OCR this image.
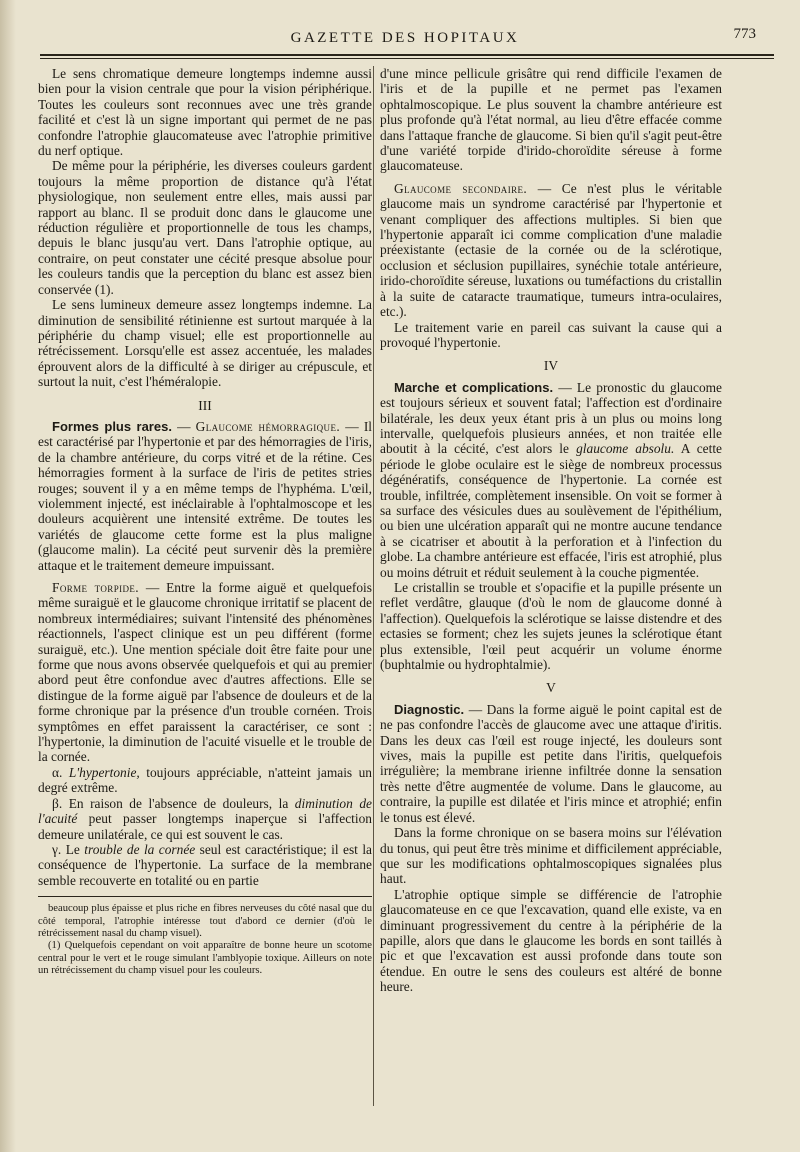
GAZETTE DES HOPITAUX	773

Le sens chromatique demeure longtemps indemne aussi bien pour la vision centrale que pour la vision périphérique. Toutes les couleurs sont reconnues avec une très grande facilité et c'est là un signe important qui permet de ne pas confondre l'atrophie glaucomateuse avec l'atrophie primitive du nerf optique.

De même pour la périphérie, les diverses couleurs gardent toujours la même proportion de distance qu'à l'état physiologique, non seulement entre elles, mais aussi par rapport au blanc. Il se produit donc dans le glaucome une réduction régulière et proportionnelle de tous les champs, depuis le blanc jusqu'au vert. Dans l'atrophie optique, au contraire, on peut constater une cécité presque absolue pour les couleurs tandis que la perception du blanc est assez bien conservée (1).

Le sens lumineux demeure assez longtemps indemne. La diminution de sensibilité rétinienne est surtout marquée à la périphérie du champ visuel; elle est proportionnelle au rétrécissement. Lorsqu'elle est assez accentuée, les malades éprouvent alors de la difficulté à se diriger au crépuscule, et surtout la nuit, c'est l'héméralopie.

III

Formes plus rares. — Glaucome hémorragique. — Il est caractérisé par l'hypertonie et par des hémorragies de l'iris, de la chambre antérieure, du corps vitré et de la rétine. Ces hémorragies forment à la surface de l'iris de petites stries rouges; souvent il y a en même temps de l'hyphéma. L'œil, violemment injecté, est inéclairable à l'ophtalmoscope et les douleurs acquièrent une intensité extrême. De toutes les variétés de glaucome cette forme est la plus maligne (glaucome malin). La cécité peut survenir dès la première attaque et le traitement demeure impuissant.

Forme torpide. — Entre la forme aiguë et quelquefois même suraiguë et le glaucome chronique irritatif se placent de nombreux intermédiaires; suivant l'intensité des phénomènes réactionnels, l'aspect clinique est un peu différent (forme suraiguë, etc.). Une mention spéciale doit être faite pour une forme que nous avons observée quelquefois et qui au premier abord peut être confondue avec d'autres affections. Elle se distingue de la forme aiguë par l'absence de douleurs et de la forme chronique par la présence d'un trouble cornéen. Trois symptômes en effet paraissent la caractériser, ce sont : l'hypertonie, la diminution de l'acuité visuelle et le trouble de la cornée.

α. L'hypertonie, toujours appréciable, n'atteint jamais un degré extrême.

β. En raison de l'absence de douleurs, la diminution de l'acuité peut passer longtemps inaperçue si l'affection demeure unilatérale, ce qui est souvent le cas.

γ. Le trouble de la cornée seul est caractéristique; il est la conséquence de l'hypertonie. La surface de la membrane semble recouverte en totalité ou en partie

beaucoup plus épaisse et plus riche en fibres nerveuses du côté nasal que du côté temporal, l'atrophie intéresse tout d'abord ce dernier (d'où le rétrécissement nasal du champ visuel).

(1) Quelquefois cependant on voit apparaître de bonne heure un scotome central pour le vert et le rouge simulant l'amblyopie toxique. Ailleurs on note un rétrécissement du champ visuel pour les couleurs.

d'une mince pellicule grisâtre qui rend difficile l'examen de l'iris et de la pupille et ne permet pas l'examen ophtalmoscopique. Le plus souvent la chambre antérieure est plus profonde qu'à l'état normal, au lieu d'être effacée comme dans l'attaque franche de glaucome. Si bien qu'il s'agit peut-être d'une variété torpide d'irido-choroïdite séreuse à forme glaucomateuse.

Glaucome secondaire. — Ce n'est plus le véritable glaucome mais un syndrome caractérisé par l'hypertonie et venant compliquer des affections multiples. Si bien que l'hypertonie apparaît ici comme complication d'une maladie préexistante (ectasie de la cornée ou de la sclérotique, occlusion et séclusion pupillaires, synéchie totale antérieure, irido-choroïdite séreuse, luxations ou tuméfactions du cristallin à la suite de cataracte traumatique, tumeurs intra-oculaires, etc.).

Le traitement varie en pareil cas suivant la cause qui a provoqué l'hypertonie.

IV

Marche et complications. — Le pronostic du glaucome est toujours sérieux et souvent fatal; l'affection est d'ordinaire bilatérale, les deux yeux étant pris à un plus ou moins long intervalle, quelquefois plusieurs années, et non traitée elle aboutit à la cécité, c'est alors le glaucome absolu. A cette période le globe oculaire est le siège de nombreux processus dégénératifs, conséquence de l'hypertonie. La cornée est trouble, infiltrée, complètement insensible. On voit se former à sa surface des vésicules dues au soulèvement de l'épithélium, ou bien une ulcération apparaît qui ne montre aucune tendance à se cicatriser et aboutit à la perforation et à l'infection du globe. La chambre antérieure est effacée, l'iris est atrophié, plus ou moins détruit et réduit seulement à la couche pigmentée.

Le cristallin se trouble et s'opacifie et la pupille présente un reflet verdâtre, glauque (d'où le nom de glaucome donné à l'affection). Quelquefois la sclérotique se laisse distendre et des ectasies se forment; chez les sujets jeunes la sclérotique étant plus extensible, l'œil peut acquérir un volume énorme (buphtalmie ou hydrophtalmie).

V

Diagnostic. — Dans la forme aiguë le point capital est de ne pas confondre l'accès de glaucome avec une attaque d'iritis. Dans les deux cas l'œil est rouge injecté, les douleurs sont vives, mais la pupille est petite dans l'iritis, quelquefois irrégulière; la membrane irienne infiltrée donne la sensation très nette d'être augmentée de volume. Dans le glaucome, au contraire, la pupille est dilatée et l'iris mince et atrophié; enfin le tonus est élevé.

Dans la forme chronique on se basera moins sur l'élévation du tonus, qui peut être très minime et difficilement appréciable, que sur les modifications ophtalmoscopiques signalées plus haut.

L'atrophie optique simple se différencie de l'atrophie glaucomateuse en ce que l'excavation, quand elle existe, va en diminuant progressivement du centre à la périphérie de la papille, alors que dans le glaucome les bords en sont taillés à pic et que l'excavation est aussi profonde dans toute son étendue. En outre le sens des couleurs est altéré de bonne heure.
